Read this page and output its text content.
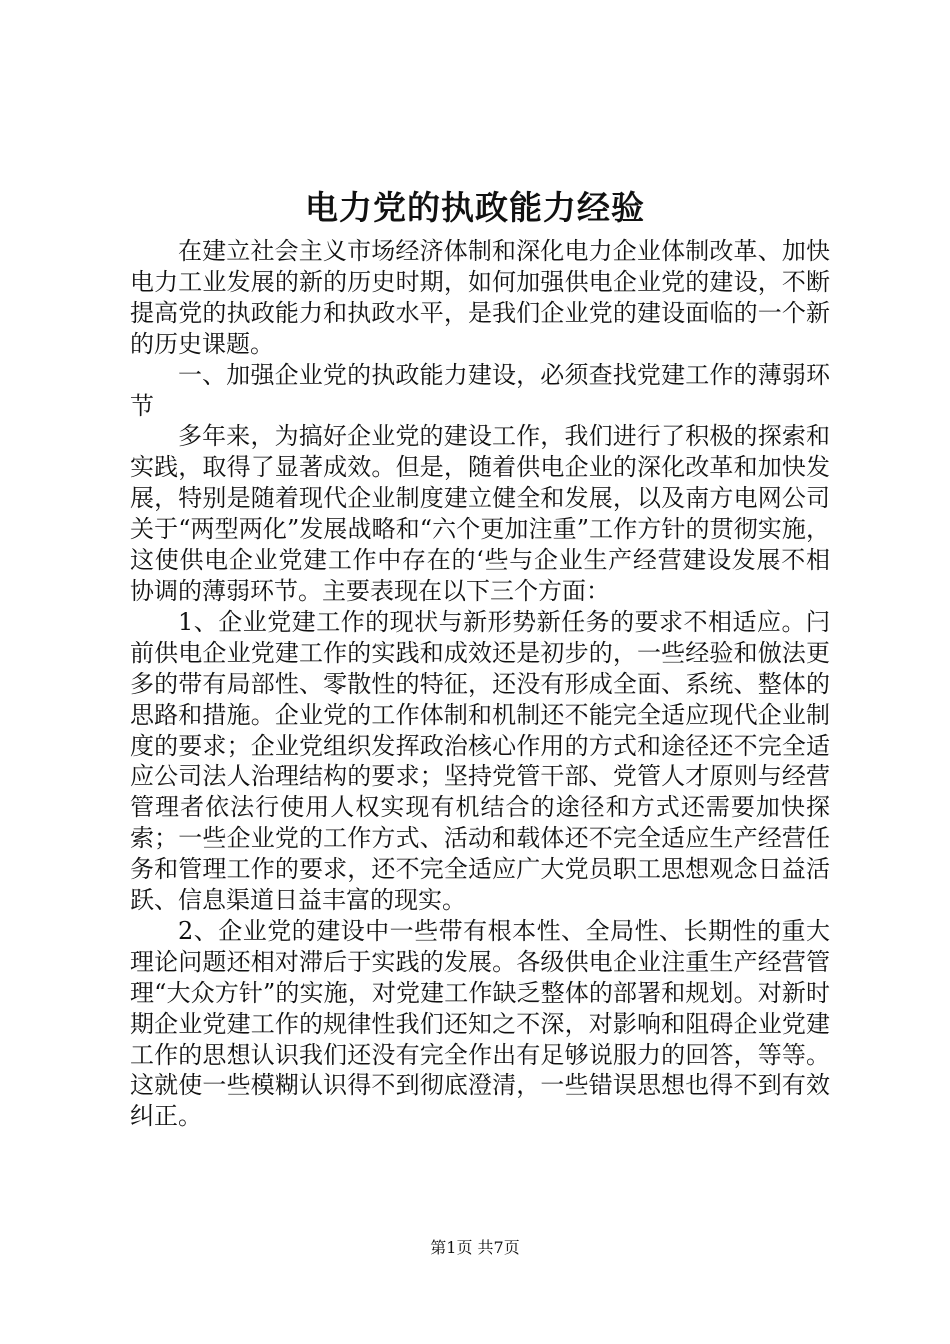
电力党的执政能力经验

在建立社会主义市场经济体制和深化电力企业体制改革、加快电力工业发展的新的历史时期，如何加强供电企业党的建设，不断提高党的执政能力和执政水平，是我们企业党的建设面临的一个新的历史课题。

一、加强企业党的执政能力建设，必须查找党建工作的薄弱环节

多年来，为搞好企业党的建设工作，我们进行了积极的探索和实践，取得了显著成效。但是，随着供电企业的深化改革和加快发展，特别是随着现代企业制度建立健全和发展，以及南方电网公司关于“两型两化”发展战略和“六个更加注重”工作方针的贯彻实施，这使供电企业党建工作中存在的‘些与企业生产经营建设发展不相协调的薄弱环节。主要表现在以下三个方面：

1、企业党建工作的现状与新形势新任务的要求不相适应。闩前供电企业党建工作的实践和成效还是初步的，一些经验和倣法更多的带有局部性、零散性的特征，还没有形成全面、系统、整体的思路和措施。企业党的工作体制和机制还不能完全适应现代企业制度的要求；企业党组织发挥政治核心作用的方式和途径还不完全适应公司法人治理结构的要求；坚持党管干部、党管人才原则与经营管理者依法行使用人权实现有机结合的途径和方式还需要加快探索；一些企业党的工作方式、活动和载体还不完全适应生产经营任务和管理工作的要求，还不完全适应广大党员职工思想观念日益活跃、信息渠道日益丰富的现实。

2、企业党的建设中一些带有根本性、全局性、长期性的重大理论问题还相对滞后于实践的发展。各级供电企业注重生产经营管理“大众方针”的实施，对党建工作缺乏整体的部署和规划。对新时期企业党建工作的规律性我们还知之不深，对影响和阻碍企业党建工作的思想认识我们还没有完全作出有足够说服力的回答，等等。这就使一些模糊认识得不到彻底澄清，一些错误思想也得不到有效纠正。

第1页 共7页
